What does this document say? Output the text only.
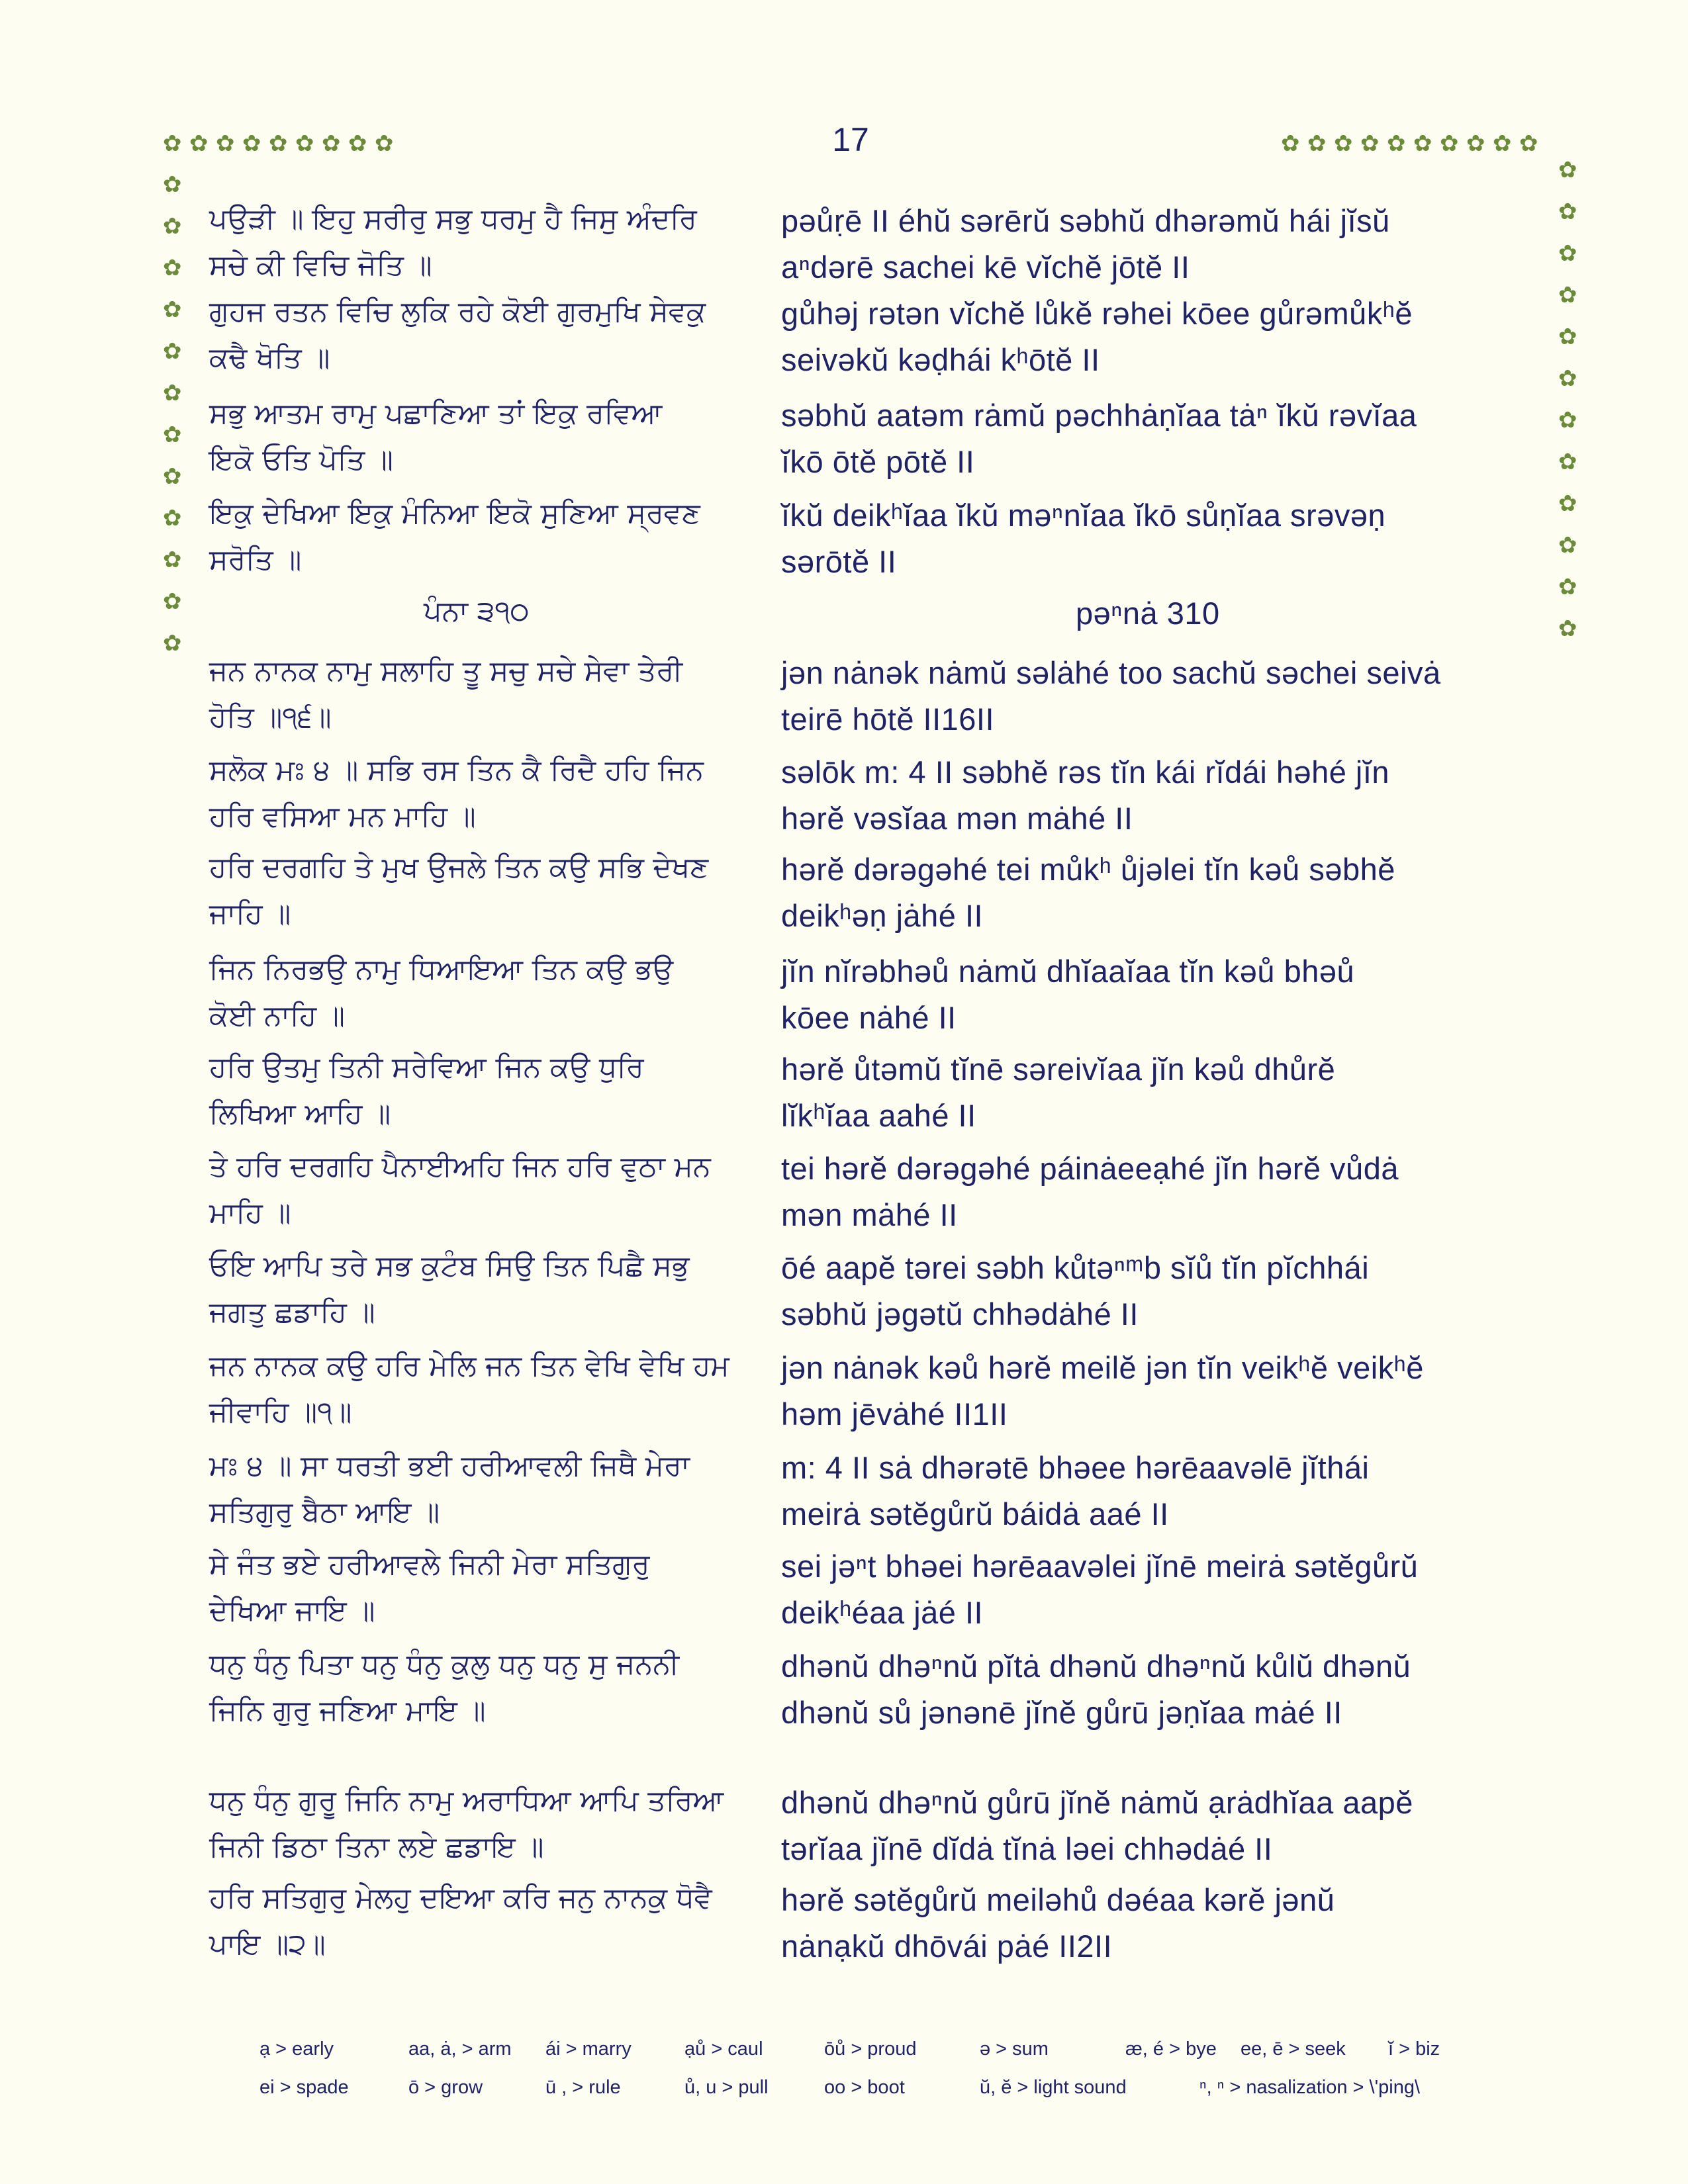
17
✿ ✿ ✿ ✿ ✿ ✿ ✿ ✿ ✿	✿ ✿ ✿ ✿ ✿ ✿ ✿ ✿ ✿ ✿
✿
✿
✿
✿
✿
✿
✿
✿
✿
✿
✿
✿
✿
✿
✿
✿
✿
✿
✿
✿
✿
✿
✿
✿
ਪਉੜੀ ॥ ਇਹੁ ਸਰੀਰੁ ਸਭੁ ਧਰਮੁ ਹੈ ਜਿਸੁ ਅੰਦਰਿ
ਸਚੇ ਕੀ ਵਿਚਿ ਜੋਤਿ ॥
pəůṛē II éhŭ sərērŭ səbhŭ dhərəmŭ hái jĭsŭ
aⁿdərē sachei kē vĭchĕ jōtĕ II
ਗੁਹਜ ਰਤਨ ਵਿਚਿ ਲੁਕਿ ਰਹੇ ਕੋਈ ਗੁਰਮੁਖਿ ਸੇਵਕੁ
ਕਢੈ ਖੋਤਿ ॥
gůhəj rətən vĭchĕ lůkĕ rəhei kōee gůrəmůkʰĕ
seivəkŭ kəḍhái kʰōtĕ II
ਸਭੁ ਆਤਮ ਰਾਮੁ ਪਛਾਣਿਆ ਤਾਂ ਇਕੁ ਰਵਿਆ
ਇਕੋ ਓਤਿ ਪੋਤਿ ॥
səbhŭ aatəm rȧmŭ pəchhȧṇĭaa tȧⁿ ĭkŭ rəvĭaa
ĭkō ōtĕ pōtĕ II
ਇਕੁ ਦੇਖਿਆ ਇਕੁ ਮੰਨਿਆ ਇਕੋ ਸੁਣਿਆ ਸ੍ਰਵਣ
ਸਰੋਤਿ ॥
ĭkŭ deikʰĭaa ĭkŭ məⁿnĭaa ĭkō sůṇĭaa srəvəṇ
sərōtĕ II
ਪੰਨਾ ੩੧੦	pəⁿnȧ 310
ਜਨ ਨਾਨਕ ਨਾਮੁ ਸਲਾਹਿ ਤੂ ਸਚੁ ਸਚੇ ਸੇਵਾ ਤੇਰੀ
ਹੋਤਿ ॥੧੬॥
jən nȧnək nȧmŭ səlȧhé too sachŭ səchei seivȧ
teirē hōtĕ II16II
ਸਲੋਕ ਮਃ ੪ ॥ ਸਭਿ ਰਸ ਤਿਨ ਕੈ ਰਿਦੈ ਹਹਿ ਜਿਨ
ਹਰਿ ਵਸਿਆ ਮਨ ਮਾਹਿ ॥
səlōk m: 4 II səbhĕ rəs tĭn kái rĭdái həhé jĭn
hərĕ vəsĭaa mən mȧhé II
ਹਰਿ ਦਰਗਹਿ ਤੇ ਮੁਖ ਉਜਲੇ ਤਿਨ ਕਉ ਸਭਿ ਦੇਖਣ
ਜਾਹਿ ॥
hərĕ dərəgəhé tei můkʰ ůjəlei tĭn kəů səbhĕ
deikʰəṇ jȧhé II
ਜਿਨ ਨਿਰਭਉ ਨਾਮੁ ਧਿਆਇਆ ਤਿਨ ਕਉ ਭਉ
ਕੋਈ ਨਾਹਿ ॥
jĭn nĭrəbhəů nȧmŭ dhĭaaĭaa tĭn kəů bhəů
kōee nȧhé II
ਹਰਿ ਉਤਮੁ ਤਿਨੀ ਸਰੇਵਿਆ ਜਿਨ ਕਉ ਧੁਰਿ
ਲਿਖਿਆ ਆਹਿ ॥
hərĕ ůtəmŭ tĭnē səreivĭaa jĭn kəů dhůrĕ
lĭkʰĭaa aahé II
ਤੇ ਹਰਿ ਦਰਗਹਿ ਪੈਨਾਈਅਹਿ ਜਿਨ ਹਰਿ ਵੁਠਾ ਮਨ
ਮਾਹਿ ॥
tei hərĕ dərəgəhé páinȧeeạhé jĭn hərĕ vůdȧ
mən mȧhé II
ਓਇ ਆਪਿ ਤਰੇ ਸਭ ਕੁਟੰਬ ਸਿਉ ਤਿਨ ਪਿਛੈ ਸਭੁ
ਜਗਤੁ ਛਡਾਹਿ ॥
ōé aapĕ tərei səbh kůtəⁿᵐb sĭů tĭn pĭchhái
səbhŭ jəgətŭ chhədȧhé II
ਜਨ ਨਾਨਕ ਕਉ ਹਰਿ ਮੇਲਿ ਜਨ ਤਿਨ ਵੇਖਿ ਵੇਖਿ ਹਮ
ਜੀਵਾਹਿ ॥੧॥
jən nȧnək kəů hərĕ meilĕ jən tĭn veikʰĕ veikʰĕ
həm jēvȧhé II1II
ਮਃ ੪ ॥ ਸਾ ਧਰਤੀ ਭਈ ਹਰੀਆਵਲੀ ਜਿਥੈ ਮੇਰਾ
ਸਤਿਗੁਰੁ ਬੈਠਾ ਆਇ ॥
m: 4 II sȧ dhərətē bhəee hərēaavəlē jĭthái
meirȧ sətĕgůrŭ báidȧ aaé II
ਸੇ ਜੰਤ ਭਏ ਹਰੀਆਵਲੇ ਜਿਨੀ ਮੇਰਾ ਸਤਿਗੁਰੁ
ਦੇਖਿਆ ਜਾਇ ॥
sei jəⁿt bhəei hərēaavəlei jĭnē meirȧ sətĕgůrŭ
deikʰéaa jȧé II
ਧਨੁ ਧੰਨੁ ਪਿਤਾ ਧਨੁ ਧੰਨੁ ਕੁਲੁ ਧਨੁ ਧਨੁ ਸੁ ਜਨਨੀ
ਜਿਨਿ ਗੁਰੁ ਜਣਿਆ ਮਾਇ ॥
dhənŭ dhəⁿnŭ pĭtȧ dhənŭ dhəⁿnŭ kůlŭ dhənŭ
dhənŭ sů jənənē jĭnĕ gůrū jəṇĭaa mȧé II
ਧਨੁ ਧੰਨੁ ਗੁਰੂ ਜਿਨਿ ਨਾਮੁ ਅਰਾਧਿਆ ਆਪਿ ਤਰਿਆ
ਜਿਨੀ ਡਿਠਾ ਤਿਨਾ ਲਏ ਛਡਾਇ ॥
dhənŭ dhəⁿnŭ gůrū jĭnĕ nȧmŭ ạrȧdhĭaa aapĕ
tərĭaa jĭnē dĭdȧ tĭnȧ ləei chhədȧé II
ਹਰਿ ਸਤਿਗੁਰੁ ਮੇਲਹੁ ਦਇਆ ਕਰਿ ਜਨੁ ਨਾਨਕੁ ਧੋਵੈ
ਪਾਇ ॥੨॥
hərĕ sətĕgůrŭ meiləhů dəéaa kərĕ jənŭ
nȧnạkŭ dhōvái pȧé II2II
ạ > early	aa, ȧ, > arm ái > marry	ạů > caul	ōů > proud	ə > sum	æ, é > bye ee, ē > seek ĭ > biz
ei > spade	ō > grow	ū , > rule	ů, u > pull	oo > boot	ŭ, ĕ > light sound	ⁿ, ⁿ > nasalization > \'ping\
